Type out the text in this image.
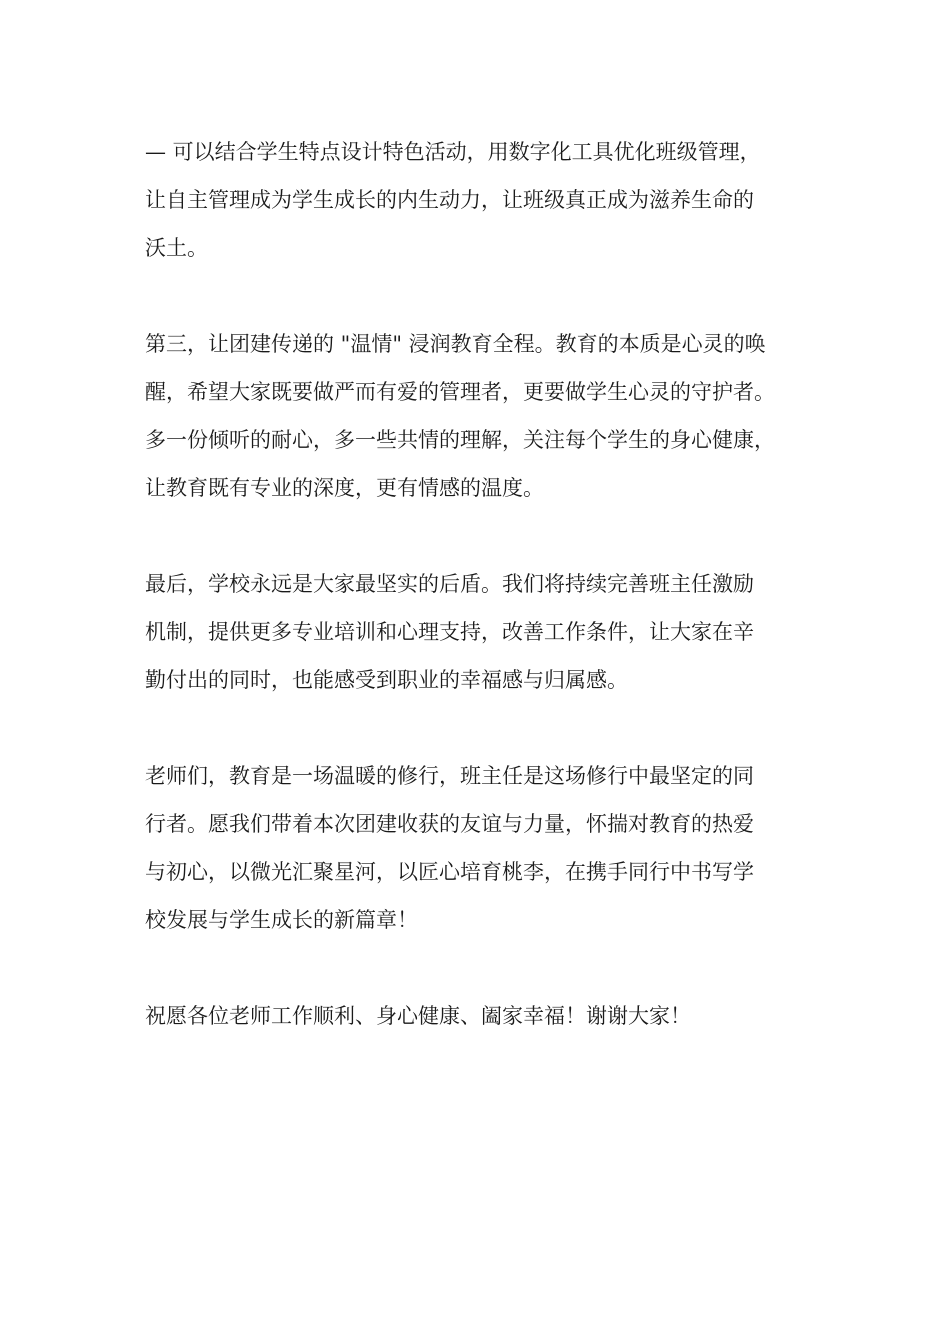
— 可以结合学生特点设计特色活动，用数字化工具优化班级管理，
让自主管理成为学生成长的内生动力，让班级真正成为滋养生命的
沃土。

第三，让团建传递的 "温情" 浸润教育全程。教育的本质是心灵的唤
醒，希望大家既要做严而有爱的管理者，更要做学生心灵的守护者。
多一份倾听的耐心，多一些共情的理解，关注每个学生的身心健康，
让教育既有专业的深度，更有情感的温度。

最后，学校永远是大家最坚实的后盾。我们将持续完善班主任激励
机制，提供更多专业培训和心理支持，改善工作条件，让大家在辛
勤付出的同时，也能感受到职业的幸福感与归属感。

老师们，教育是一场温暖的修行，班主任是这场修行中最坚定的同
行者。愿我们带着本次团建收获的友谊与力量，怀揣对教育的热爱
与初心，以微光汇聚星河，以匠心培育桃李，在携手同行中书写学
校发展与学生成长的新篇章！

祝愿各位老师工作顺利、身心健康、阖家幸福！谢谢大家！
